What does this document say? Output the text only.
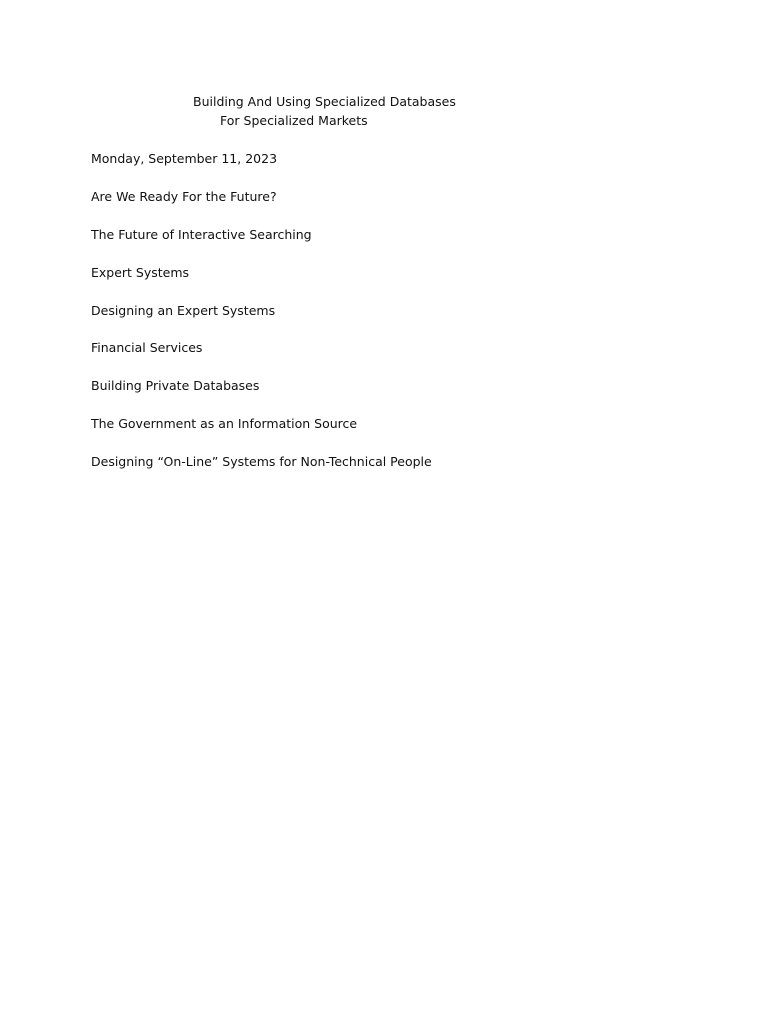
Building And Using Specialized Databases
For Specialized Markets
Monday, September 11, 2023
Are We Ready For the Future?
The Future of Interactive Searching
Expert Systems
Designing an Expert Systems
Financial Services
Building Private Databases
The Government as an Information Source
Designing “On-Line” Systems for Non-Technical People
